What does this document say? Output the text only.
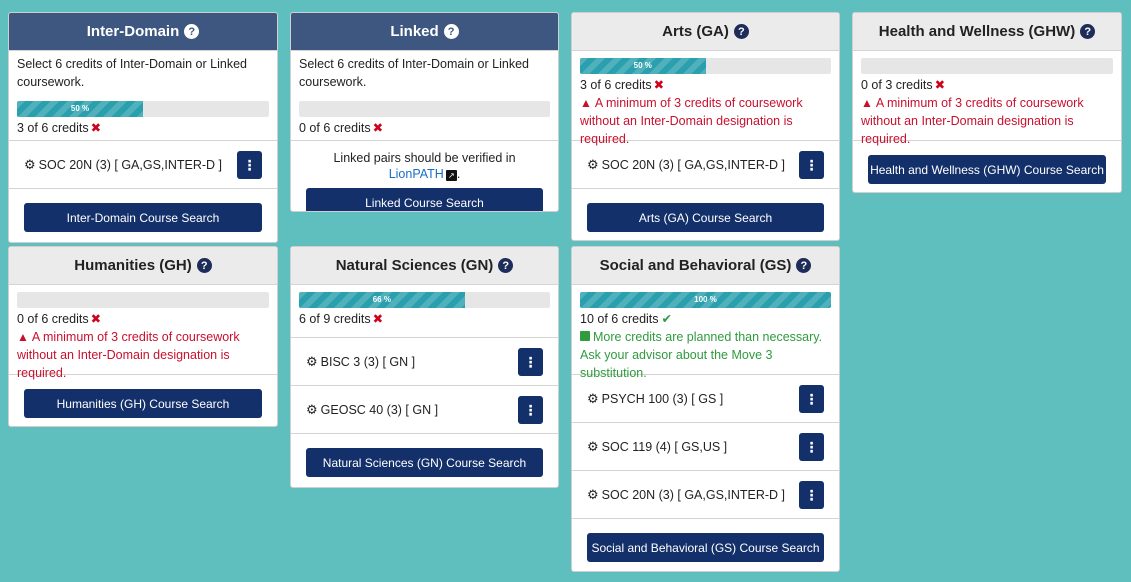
Inter-Domain ?
Select 6 credits of Inter-Domain or Linked coursework.
50 %
3 of 6 credits ✖
⚙ SOC 20N (3) [ GA,GS,INTER-D ]	⋮
Inter-Domain Course Search
Linked ?
Select 6 credits of Inter-Domain or Linked coursework.
0 of 6 credits ✖
Linked pairs should be verified in LionPATH ↗ .
Linked Course Search
Arts (GA) ?
50 %
3 of 6 credits ✖
▲ A minimum of 3 credits of coursework without an Inter-Domain designation is required.
⚙ SOC 20N (3) [ GA,GS,INTER-D ]	⋮
Arts (GA) Course Search
Health and Wellness (GHW) ?
0 of 3 credits ✖
▲ A minimum of 3 credits of coursework without an Inter-Domain designation is required.
Health and Wellness (GHW) Course Search
Humanities (GH) ?
0 of 6 credits ✖
▲ A minimum of 3 credits of coursework without an Inter-Domain designation is required.
Humanities (GH) Course Search
Natural Sciences (GN) ?
66 %
6 of 9 credits ✖
⚙ BISC 3 (3) [ GN ]	⋮
⚙ GEOSC 40 (3) [ GN ]	⋮
Natural Sciences (GN) Course Search
Social and Behavioral (GS) ?
100 %
10 of 6 credits ✔
More credits are planned than necessary. Ask your advisor about the Move 3 substitution.
⚙ PSYCH 100 (3) [ GS ]	⋮
⚙ SOC 119 (4) [ GS,US ]	⋮
⚙ SOC 20N (3) [ GA,GS,INTER-D ]	⋮
Social and Behavioral (GS) Course Search
